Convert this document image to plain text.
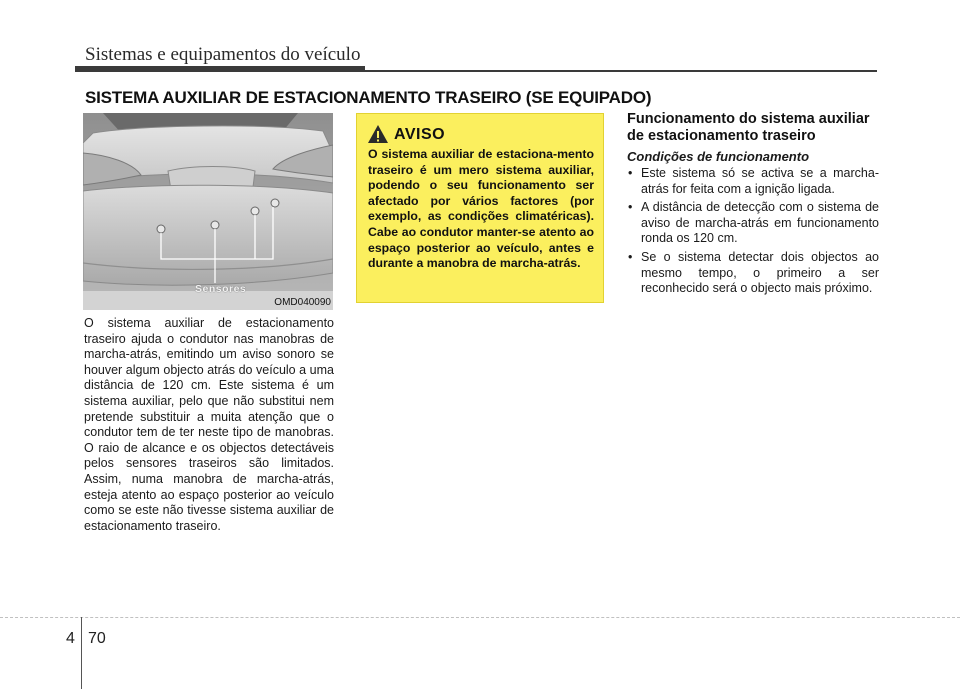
Sistemas e equipamentos do veículo
SISTEMA AUXILIAR DE ESTACIONAMENTO TRASEIRO (SE EQUIPADO)
Sensores
OMD040090
O sistema auxiliar de estacionamento traseiro ajuda o condutor nas manobras de marcha-atrás, emitindo um aviso sonoro se houver algum objecto atrás do veículo a uma distância de 120 cm. Este sistema é um sistema auxiliar, pelo que não substitui nem pretende substituir a muita atenção que o condutor tem de ter neste tipo de manobras. O raio de alcance e os objectos detectáveis pelos sensores traseiros são limitados. Assim, numa manobra de marcha-atrás, esteja atento ao espaço posterior ao veículo como se este não tivesse sistema auxiliar de estacionamento traseiro.
AVISO
O sistema auxiliar de estaciona-mento traseiro é um mero sistema auxiliar, podendo o seu funcionamento ser afectado por vários factores (por exemplo, as condições climatéricas). Cabe ao condutor manter-se atento ao espaço posterior ao veículo, antes e durante a manobra de marcha-atrás.
Funcionamento do sistema auxiliar de estacionamento traseiro
Condições de funcionamento
• Este sistema só se activa se a marcha-atrás for feita com a ignição ligada.
• A distância de detecção com o sistema de aviso de marcha-atrás em funcionamento ronda os 120 cm.
• Se o sistema detectar dois objectos ao mesmo tempo, o primeiro a ser reconhecido será o objecto mais próximo.
4 70
